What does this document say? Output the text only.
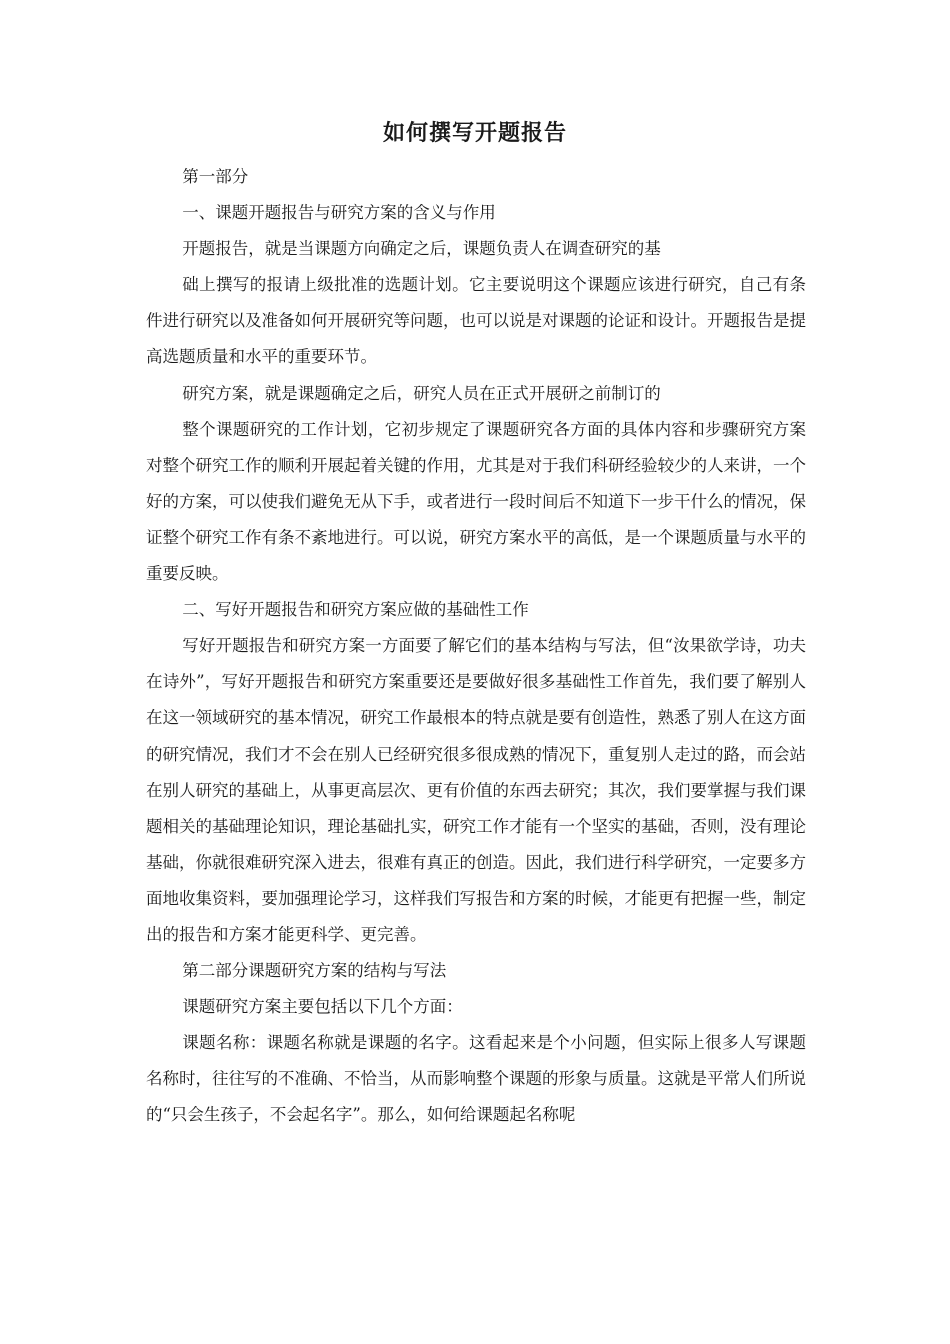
如何撰写开题报告

第一部分

一、课题开题报告与研究方案的含义与作用

开题报告，就是当课题方向确定之后，课题负责人在调查研究的基

础上撰写的报请上级批准的选题计划。它主要说明这个课题应该进行研究，自己有条件进行研究以及准备如何开展研究等问题，也可以说是对课题的论证和设计。开题报告是提高选题质量和水平的重要环节。

研究方案，就是课题确定之后，研究人员在正式开展研之前制订的

整个课题研究的工作计划，它初步规定了课题研究各方面的具体内容和步骤研究方案对整个研究工作的顺利开展起着关键的作用，尤其是对于我们科研经验较少的人来讲，一个好的方案，可以使我们避免无从下手，或者进行一段时间后不知道下一步干什么的情况，保证整个研究工作有条不紊地进行。可以说，研究方案水平的高低，是一个课题质量与水平的重要反映。

二、写好开题报告和研究方案应做的基础性工作

写好开题报告和研究方案一方面要了解它们的基本结构与写法，但“汝果欲学诗，功夫在诗外”，写好开题报告和研究方案重要还是要做好很多基础性工作首先，我们要了解别人在这一领域研究的基本情况，研究工作最根本的特点就是要有创造性，熟悉了别人在这方面的研究情况，我们才不会在别人已经研究很多很成熟的情况下，重复别人走过的路，而会站在别人研究的基础上，从事更高层次、更有价值的东西去研究；其次，我们要掌握与我们课题相关的基础理论知识，理论基础扎实，研究工作才能有一个坚实的基础，否则，没有理论基础，你就很难研究深入进去，很难有真正的创造。因此，我们进行科学研究，一定要多方面地收集资料，要加强理论学习，这样我们写报告和方案的时候，才能更有把握一些，制定出的报告和方案才能更科学、更完善。

第二部分课题研究方案的结构与写法

课题研究方案主要包括以下几个方面：

课题名称：课题名称就是课题的名字。这看起来是个小问题，但实际上很多人写课题名称时，往往写的不准确、不恰当，从而影响整个课题的形象与质量。这就是平常人们所说的“只会生孩子，不会起名字”。那么，如何给课题起名称呢
